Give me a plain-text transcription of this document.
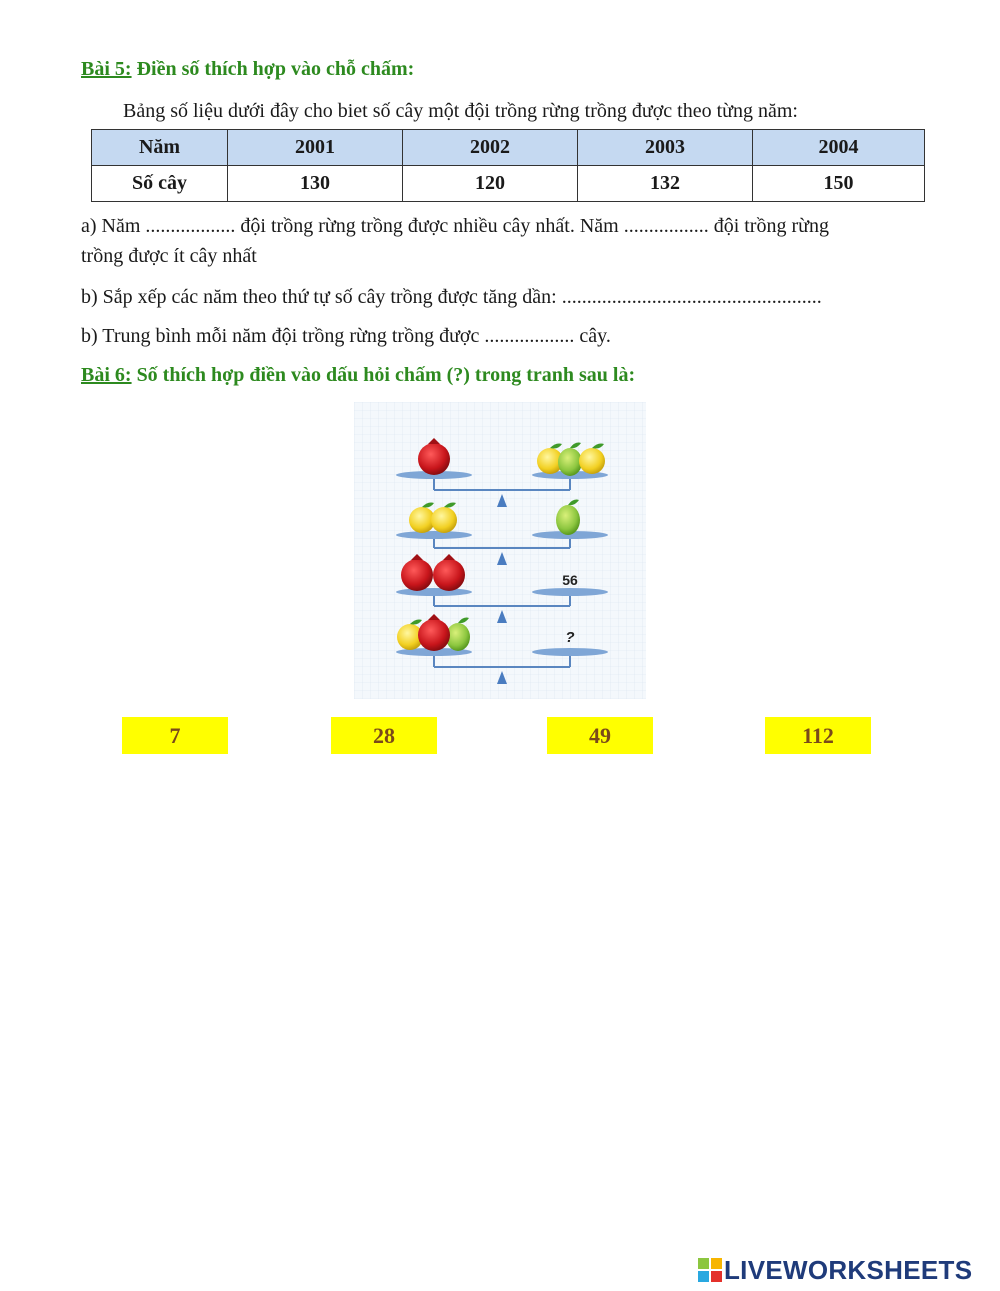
Bài 5: Điền số thích hợp vào chỗ chấm:
Bảng số liệu dưới đây cho biet số cây một đội trồng rừng trồng được theo từng năm:
Năm	2001	2002	2003	2004
Số cây	130	120	132	150
a) Năm .................. đội trồng rừng trồng được nhiều cây nhất. Năm ................. đội trồng rừng
trồng được ít cây nhất
b) Sắp xếp các năm theo thứ tự số cây trồng được tăng dần: ....................................................
b) Trung bình mỗi năm đội trồng rừng trồng được .................. cây.
Bài 6: Số thích hợp điền vào dấu hỏi chấm (?) trong tranh sau là:
56
?
7	28	49	112
LIVEWORKSHEETS
